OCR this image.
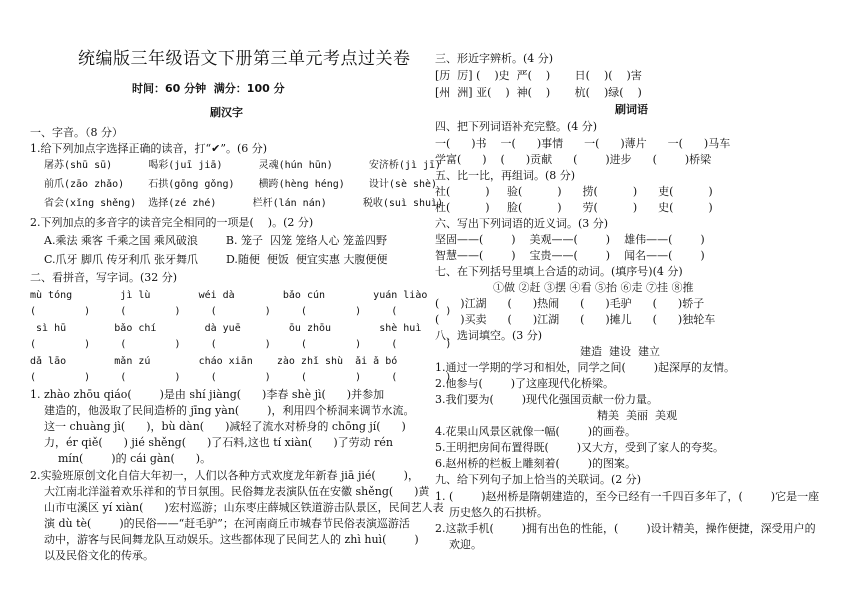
统编版三年级语文下册第三单元考点过关卷
时间：60 分钟  满分：100 分
刷汉字
一、字音。（8 分）
1.给下列加点字选择正确的读音，打“✔”。(6 分)
屠苏(shū sū)      喝彩(juī jiā)      灵魂(hún hūn)      安济桥(jì jī)
前爪(zāo zhǎo)    石拱(gōng gǒng)    横跨(hèng héng)    设计(sè shè)
省会(xǐng shěng)  选择(zé zhé)      栏杆(lán nán)      税收(suì shuì)
2.下列加点的多音字的读音完全相同的一项是(    )。(2 分)
A.乘法 乘客 千乘之国 乘风破浪        B. 笼子  囚笼 笼络人心 笼盖四野
C.爪牙 脚爪 传牙利爪 张牙舞爪        D.随便  便饭  便宜实惠 大腹便便
二、看拼音，写字词。(32 分)
mù tóng        jì lù        wéi dà        bǎo cún        yuán liào
(        )     (        )     (        )     (        )     (        )
sì hū        bǎo chí        dà yuē        ōu zhōu        shè huì
(        )     (        )     (        )     (        )     (        )
dǎ lāo        mǎn zú        cháo xiān    zào zhǐ shù  ǎi ǎ bó
(        )     (        )     (        )     (        )     (        )
1. zhào zhōu qiáo(        )是由 shí jiàng(      )李春 shè jì(      )并参加
建造的，他汲取了民间造桥的 jīng yàn(        )，利用四个桥洞来调节水流。
这一 chuàng jì(      )，bù dàn(      )减轻了流水对桥身的 chōng jí(      )
力，ér qiě(      ) jié shěng(      )了石料,这也 tí xiàn(      )了劳动 rén
mín(        )的 cái gàn(      )。
2.实验班原创文化自信大年初一，人们以各种方式欢度龙年新春 jiā jié(        )，
大江南北洋溢着欢乐祥和的节日氛围。民俗舞龙表演队伍在安徽 shěng(      )黄
山市屯溪区 yí xiàn(      )宏村巡游；山东枣庄薛城区铁道游击队景区，民间艺人表
演 dù tè(        )的民俗——“赶毛驴”；在河南商丘市城春节民俗表演巡游活
动中，游客与民间舞龙队互动娱乐。这些都体现了民间艺人的 zhì huì(        )
以及民俗文化的传承。
三、形近字辨析。(4 分)
[历  厉] (    )史  严(    )       日(    )(    )害
[州  洲] 亚(    )  神(    )       杭(    )绿(    )
刷词语
四、把下列词语补充完整。(4 分)
一(      )书    一(      )事情      一(      )薄片      一(      )马车
学富(      )    (      )贡献      (        )进步      (        )桥梁
五、比一比，再组词。(8 分)
社(          )     验(          )      捞(          )      吏(          )
杜(          )     脸(          )      劳(          )      史(          )
六、写出下列词语的近义词。(3 分)
坚固——(        )    美观——(        )    雄伟——(        )
智慧——(        )    宝贵——(        )    闻名——(        )
七、在下列括号里填上合适的动词。(填序号)(4 分)
①做 ②赶 ③摆 ④看 ⑤抬 ⑥走 ⑦挂 ⑧推
(      )江湖      (      )热闹      (      )毛驴      (      )轿子
(      )买卖      (      )江湖      (      )摊儿      (      )独轮车
八、选词填空。(3 分)
建造  建设  建立
1.通过一学期的学习和相处，同学之间(        )起深厚的友情。
2.他参与(        )了这座现代化桥梁。
3.我们要为(        )现代化强国贡献一份力量。
精美  美丽  美观
4.花果山风景区就像一幅(        )的画卷。
5.王明把房间布置得既(        )又大方，受到了家人的夸奖。
6.赵州桥的栏板上雕刻着(        )的图案。
九、给下列句子加上恰当的关联词。(2 分)
1. (        )赵州桥是隋朝建造的，至今已经有一千四百多年了，(        )它是一座
历史悠久的石拱桥。
2.这款手机(        )拥有出色的性能，(        )设计精美，操作便捷，深受用户的
欢迎。
